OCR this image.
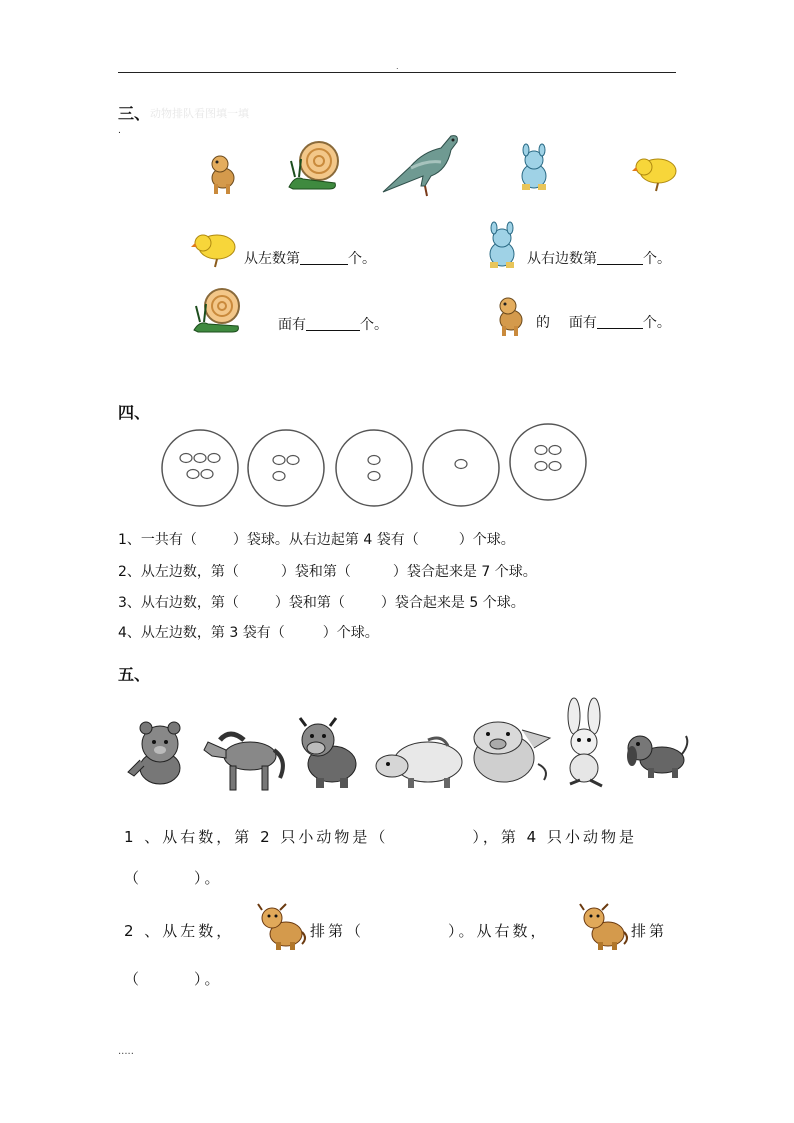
.
三、 动物排队看图填一填
.
从左数第	个。	从右边数第	个。
面有	个。	的 面有	个。
四、
1、一共有（	）袋球。从右边起第 4 袋有（	）个球。
2、从左边数，第（	）袋和第（	）袋合起来是 7 个球。
3、从右边数，第（	）袋和第（	）袋合起来是 5 个球。
4、从左边数，第 3 袋有（	）个球。
五、
1 、从右数，第 2 只小动物是（	），第 4 只小动物是
（	）。
2 、从左数，	排第（	）。从右数，	排第
（	）。
.....
